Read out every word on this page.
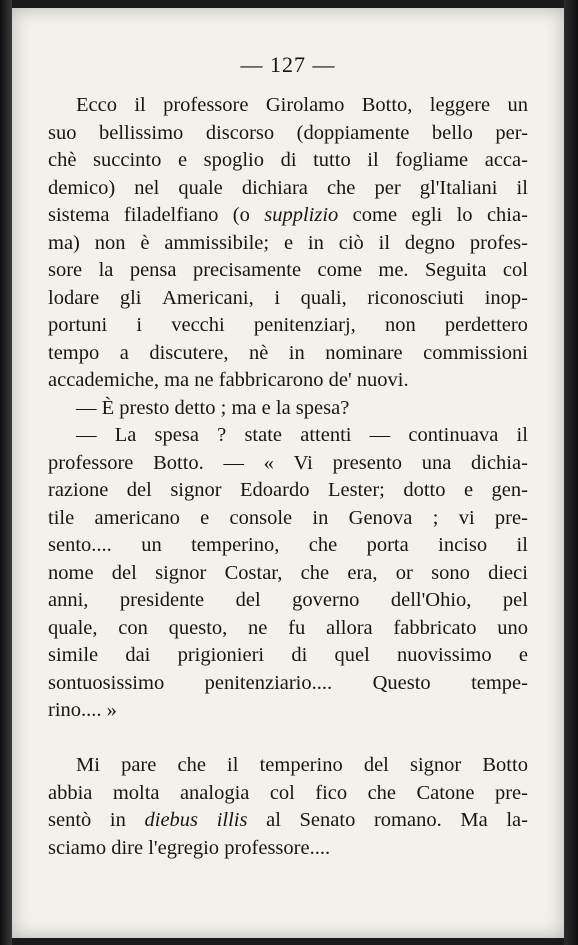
— 127 —
Ecco il professore Girolamo Botto, leggere un
suo bellissimo discorso (doppiamente bello per-
chè succinto e spoglio di tutto il fogliame acca-
demico) nel quale dichiara che per gl'Italiani il
sistema filadelfiano (o supplizio come egli lo chia-
ma) non è ammissibile; e in ciò il degno profes-
sore la pensa precisamente come me. Seguita col
lodare gli Americani, i quali, riconosciuti inop-
portuni i vecchi penitenziarj, non perdettero
tempo a discutere, nè in nominare commissioni
accademiche, ma ne fabbricarono de' nuovi.
— È presto detto ; ma e la spesa?
— La spesa ? state attenti — continuava il
professore Botto. — « Vi presento una dichia-
razione del signor Edoardo Lester; dotto e gen-
tile americano e console in Genova ; vi pre-
sento.... un temperino, che porta inciso il
nome del signor Costar, che era, or sono dieci
anni, presidente del governo dell'Ohio, pel
quale, con questo, ne fu allora fabbricato uno
simile dai prigionieri di quel nuovissimo e
sontuosissimo penitenziario.... Questo tempe-
rino.... »
Mi pare che il temperino del signor Botto
abbia molta analogia col fico che Catone pre-
sentò in diebus illis al Senato romano. Ma la-
sciamo dire l'egregio professore....
